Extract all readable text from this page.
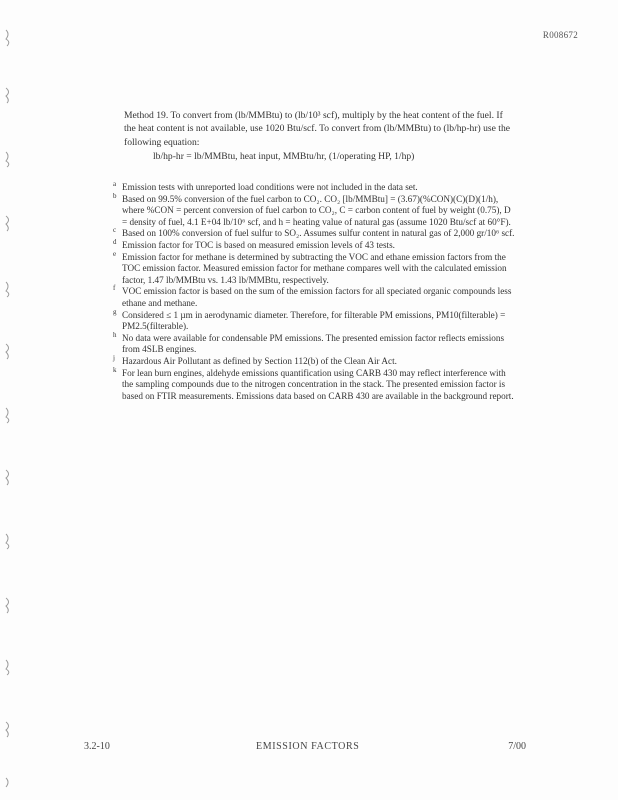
R008672

Method 19. To convert from (lb/MMBtu) to (lb/10³ scf), multiply by the heat content of the fuel. If the heat content is not available, use 1020 Btu/scf. To convert from (lb/MMBtu) to (lb/hp-hr) use the following equation:

lb/hp-hr = lb/MMBtu, heat input, MMBtu/hr, (1/operating HP, 1/hp)

a Emission tests with unreported load conditions were not included in the data set.

b Based on 99.5% conversion of the fuel carbon to CO₂. CO₂ [lb/MMBtu] = (3.67)(%CON)(C)(D)(1/h), where %CON = percent conversion of fuel carbon to CO₂, C = carbon content of fuel by weight (0.75), D = density of fuel, 4.1 E+04 lb/10⁶ scf, and h = heating value of natural gas (assume 1020 Btu/scf at 60°F).

c Based on 100% conversion of fuel sulfur to SO₂. Assumes sulfur content in natural gas of 2,000 gr/10⁶ scf.

d Emission factor for TOC is based on measured emission levels of 43 tests.

e Emission factor for methane is determined by subtracting the VOC and ethane emission factors from the TOC emission factor. Measured emission factor for methane compares well with the calculated emission factor, 1.47 lb/MMBtu vs. 1.43 lb/MMBtu, respectively.

f VOC emission factor is based on the sum of the emission factors for all speciated organic compounds less ethane and methane.

g Considered ≤ 1 µm in aerodynamic diameter. Therefore, for filterable PM emissions, PM10(filterable) = PM2.5(filterable).

h No data were available for condensable PM emissions. The presented emission factor reflects emissions from 4SLB engines.

j Hazardous Air Pollutant as defined by Section 112(b) of the Clean Air Act.

k For lean burn engines, aldehyde emissions quantification using CARB 430 may reflect interference with the sampling compounds due to the nitrogen concentration in the stack. The presented emission factor is based on FTIR measurements. Emissions data based on CARB 430 are available in the background report.

3.2-10	EMISSION FACTORS	7/00
